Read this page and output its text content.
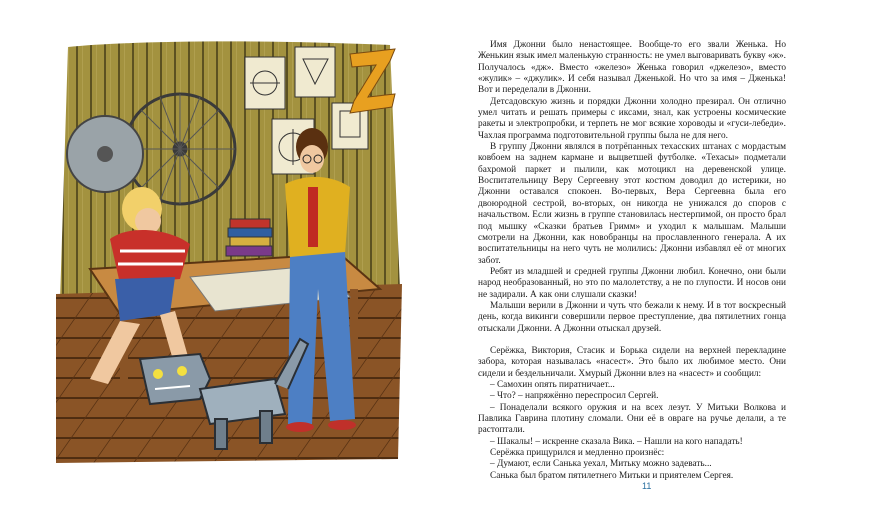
Имя Джонни было ненастоящее. Вообще-то его звали Женька. Но Женькин язык имел маленькую странность: не умел выговаривать букву «ж». Получалось «дж». Вместо «железо» Женька говорил «джелезо», вместо «жулик» – «джулик». И себя называл Дженькой. Но что за имя – Дженька! Вот и переделали в Джонни.

Детсадовскую жизнь и порядки Джонни холодно презирал. Он отлично умел читать и решать примеры с иксами, знал, как устроены космические ракеты и электропробки, и терпеть не мог всякие хороводы и «гуси-лебеди». Чахлая программа подготовительной группы была не для него.

В группу Джонни являлся в потрёпанных техасских штанах с мордастым ковбоем на заднем кармане и выцветшей футболке. «Техасы» подметали бахромой паркет и пылили, как мотоцикл на деревенской улице. Воспитательницу Веру Сергеевну этот костюм доводил до истерики, но Джонни оставался спокоен. Во-первых, Вера Сергеевна была его двоюродной сестрой, во-вторых, он никогда не унижался до споров с начальством. Если жизнь в группе становилась нестерпимой, он просто брал под мышку «Сказки братьев Гримм» и уходил к малышам. Малыши смотрели на Джонни, как новобранцы на прославленного генерала. А их воспитательницы на него чуть не молились: Джонни избавлял её от многих забот.

Ребят из младшей и средней группы Джонни любил. Конечно, они были народ необразованный, но это по малолетству, а не по глупости. И носов они не задирали. А как они слушали сказки!

Малыши верили в Джонни и чуть что бежали к нему. И в тот воскресный день, когда викинги совершили первое преступление, два пятилетних гонца отыскали Джонни. А Джонни отыскал друзей.

Серёжка, Виктория, Стасик и Борька сидели на верхней перекладине забора, которая называлась «насест». Это было их любимое место. Они сидели и бездельничали. Хмурый Джонни влез на «насест» и сообщил:

– Самохин опять пиратничает...

– Что? – напряжённо переспросил Сергей.

– Понаделали всякого оружия и на всех лезут. У Митьки Волкова и Павлика Гаврина плотину сломали. Они её в овраге на ручье делали, а те растоптали.

– Шакалы! – искренне сказала Вика. – Нашли на кого нападать!

Серёжка прищурился и медленно произнёс:

– Думают, если Санька уехал, Митьку можно задевать...

Санька был братом пятилетнего Митьки и приятелем Сергея.

11
